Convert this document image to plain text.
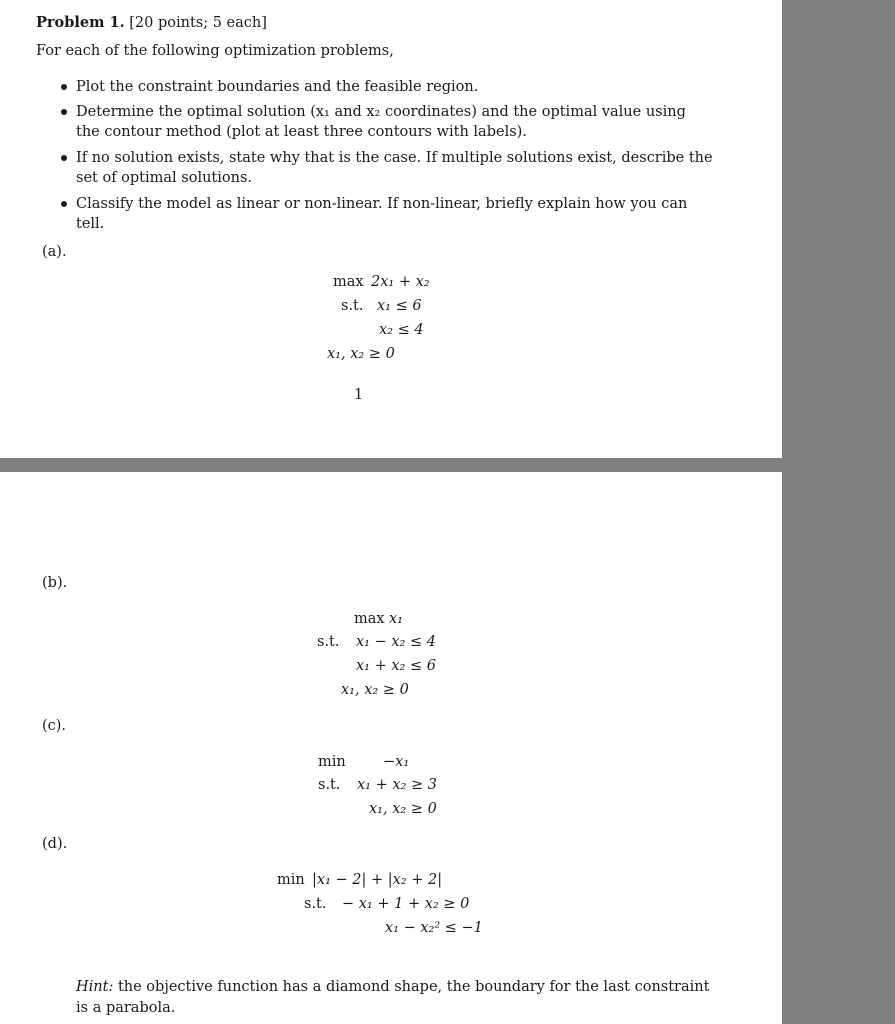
Problem 1. [20 points; 5 each]
For each of the following optimization problems,
Plot the constraint boundaries and the feasible region.
Determine the optimal solution (x₁ and x₂ coordinates) and the optimal value using
the contour method (plot at least three contours with labels).
If no solution exists, state why that is the case. If multiple solutions exist, describe the
set of optimal solutions.
Classify the model as linear or non-linear. If non-linear, briefly explain how you can
tell.
(a).
max 2x₁ + x₂
s.t. x₁ ≤ 6
x₂ ≤ 4
x₁, x₂ ≥ 0
1
(b).
max x₁
s.t. x₁ − x₂ ≤ 4
x₁ + x₂ ≤ 6
x₁, x₂ ≥ 0
(c).
min	−x₁
s.t. x₁ + x₂ ≥ 3
x₁, x₂ ≥ 0
(d).
min |x₁ − 2| + |x₂ + 2|
s.t. − x₁ + 1 + x₂ ≥ 0
x₁ − x₂² ≤ −1
Hint: the objective function has a diamond shape, the boundary for the last constraint
is a parabola.
